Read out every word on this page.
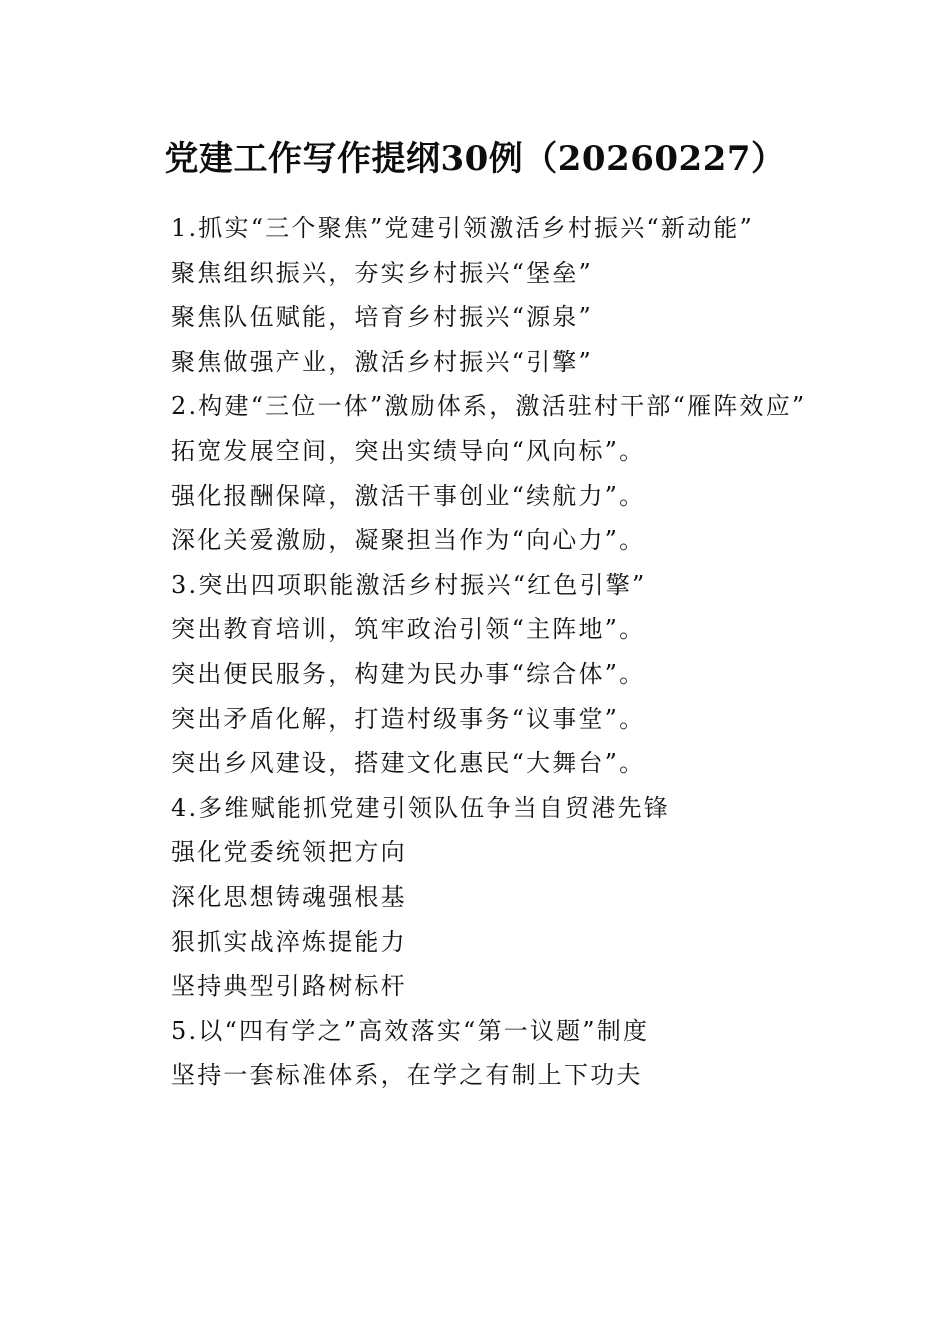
党建工作写作提纲30例（20260227）

1.抓实“三个聚焦”党建引领激活乡村振兴“新动能”

聚焦组织振兴，夯实乡村振兴“堡垒”

聚焦队伍赋能，培育乡村振兴“源泉”

聚焦做强产业，激活乡村振兴“引擎”

2.构建“三位一体”激励体系，激活驻村干部“雁阵效应”

拓宽发展空间，突出实绩导向“风向标”。

强化报酬保障，激活干事创业“续航力”。

深化关爱激励，凝聚担当作为“向心力”。

3.突出四项职能激活乡村振兴“红色引擎”

突出教育培训，筑牢政治引领“主阵地”。

突出便民服务，构建为民办事“综合体”。

突出矛盾化解，打造村级事务“议事堂”。

突出乡风建设，搭建文化惠民“大舞台”。

4.多维赋能抓党建引领队伍争当自贸港先锋

强化党委统领把方向

深化思想铸魂强根基

狠抓实战淬炼提能力

坚持典型引路树标杆

5.以“四有学之”高效落实“第一议题”制度

坚持一套标准体系，在学之有制上下功夫
